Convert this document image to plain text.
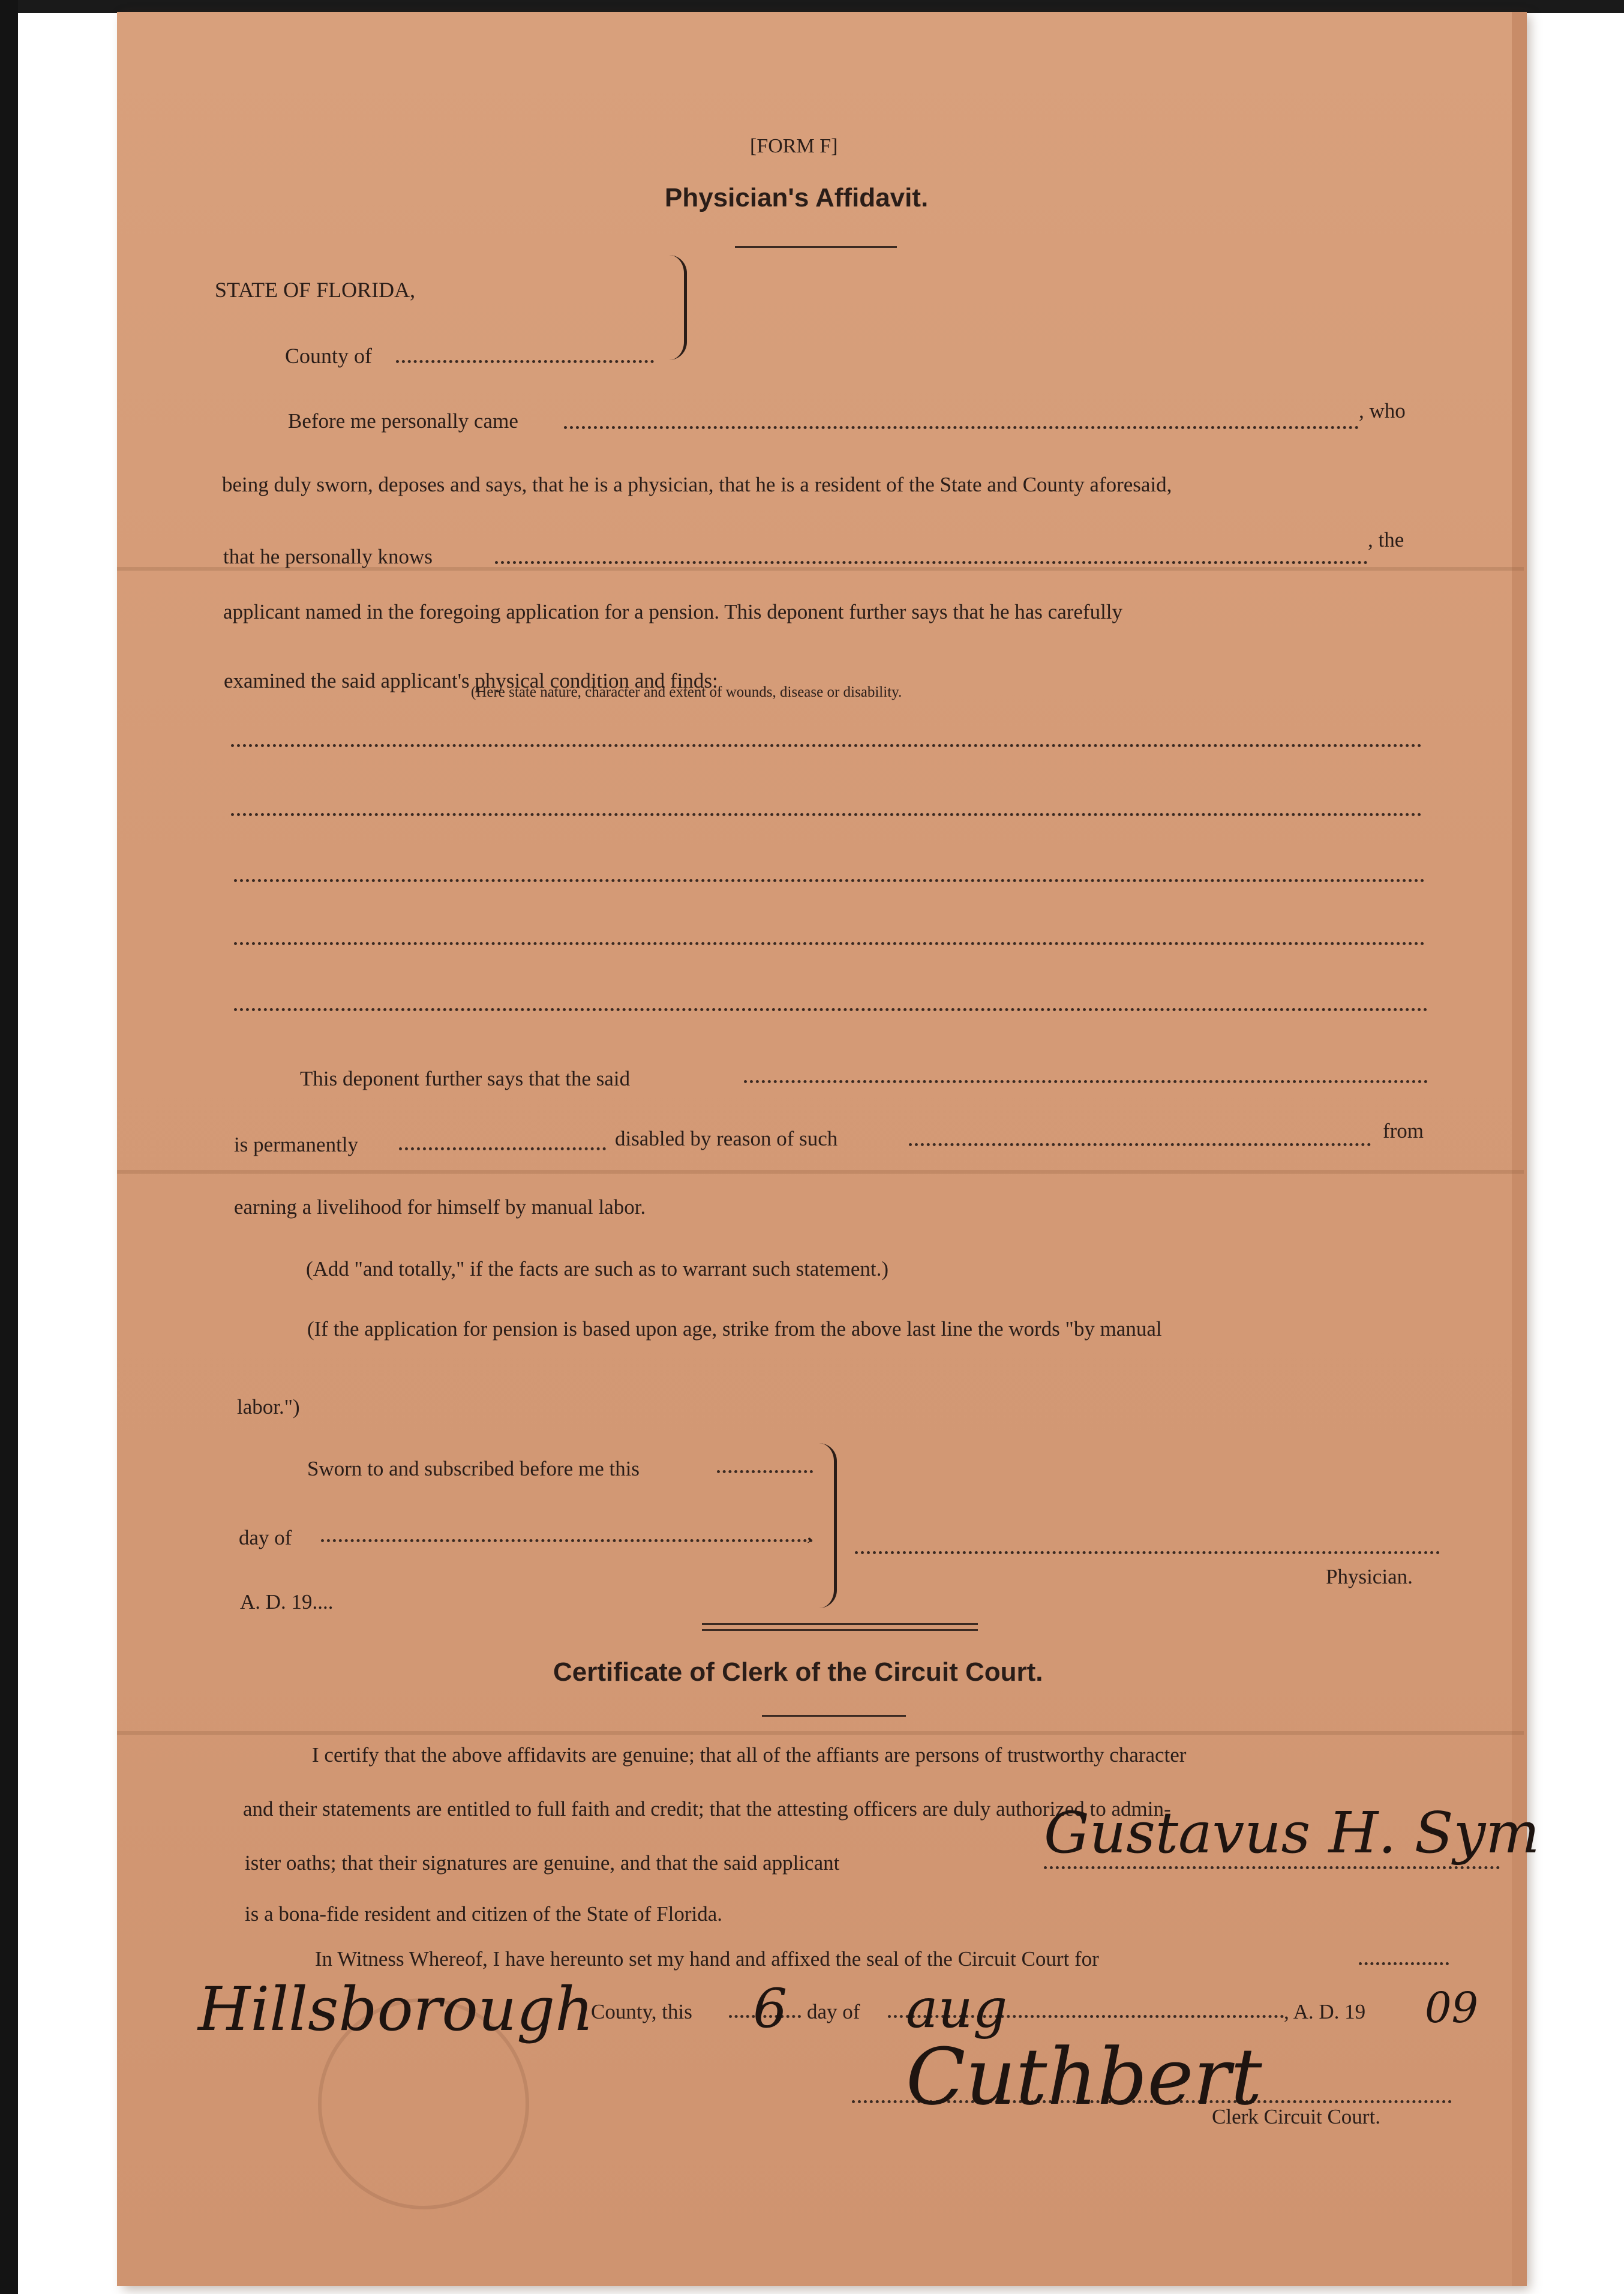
[FORM F]
Physician's Affidavit.
STATE OF FLORIDA,
County of
Before me personally came	, who
being duly sworn, deposes and says, that he is a physician, that he is a resident of the State and County aforesaid,
that he personally knows
, the
applicant named in the foregoing application for a pension. This deponent further says that he has carefully
examined the said applicant's physical condition and finds:
(Here state nature, character and extent of wounds, disease or disability.
This deponent further says that the said
is permanently	disabled by reason of such	from
earning a livelihood for himself by manual labor.
(Add "and totally," if the facts are such as to warrant such statement.)
(If the application for pension is based upon age, strike from the above last line the words "by manual
labor.")
Sworn to and subscribed before me this
day of	,
A. D. 19....
Physician.
Certificate of Clerk of the Circuit Court.
I certify that the above affidavits are genuine; that all of the affiants are persons of trustworthy character
and their statements are entitled to full faith and credit; that the attesting officers are duly authorized to admin-
ister oaths; that their signatures are genuine, and that the said applicant	Gustavus H. Sym
is a bona-fide resident and citizen of the State of Florida.
In Witness Whereof, I have hereunto set my hand and affixed the seal of the Circuit Court for
Hillsborough
County, this 6 day of aug	, A. D. 19 09
Cuthbert
Clerk Circuit Court.
